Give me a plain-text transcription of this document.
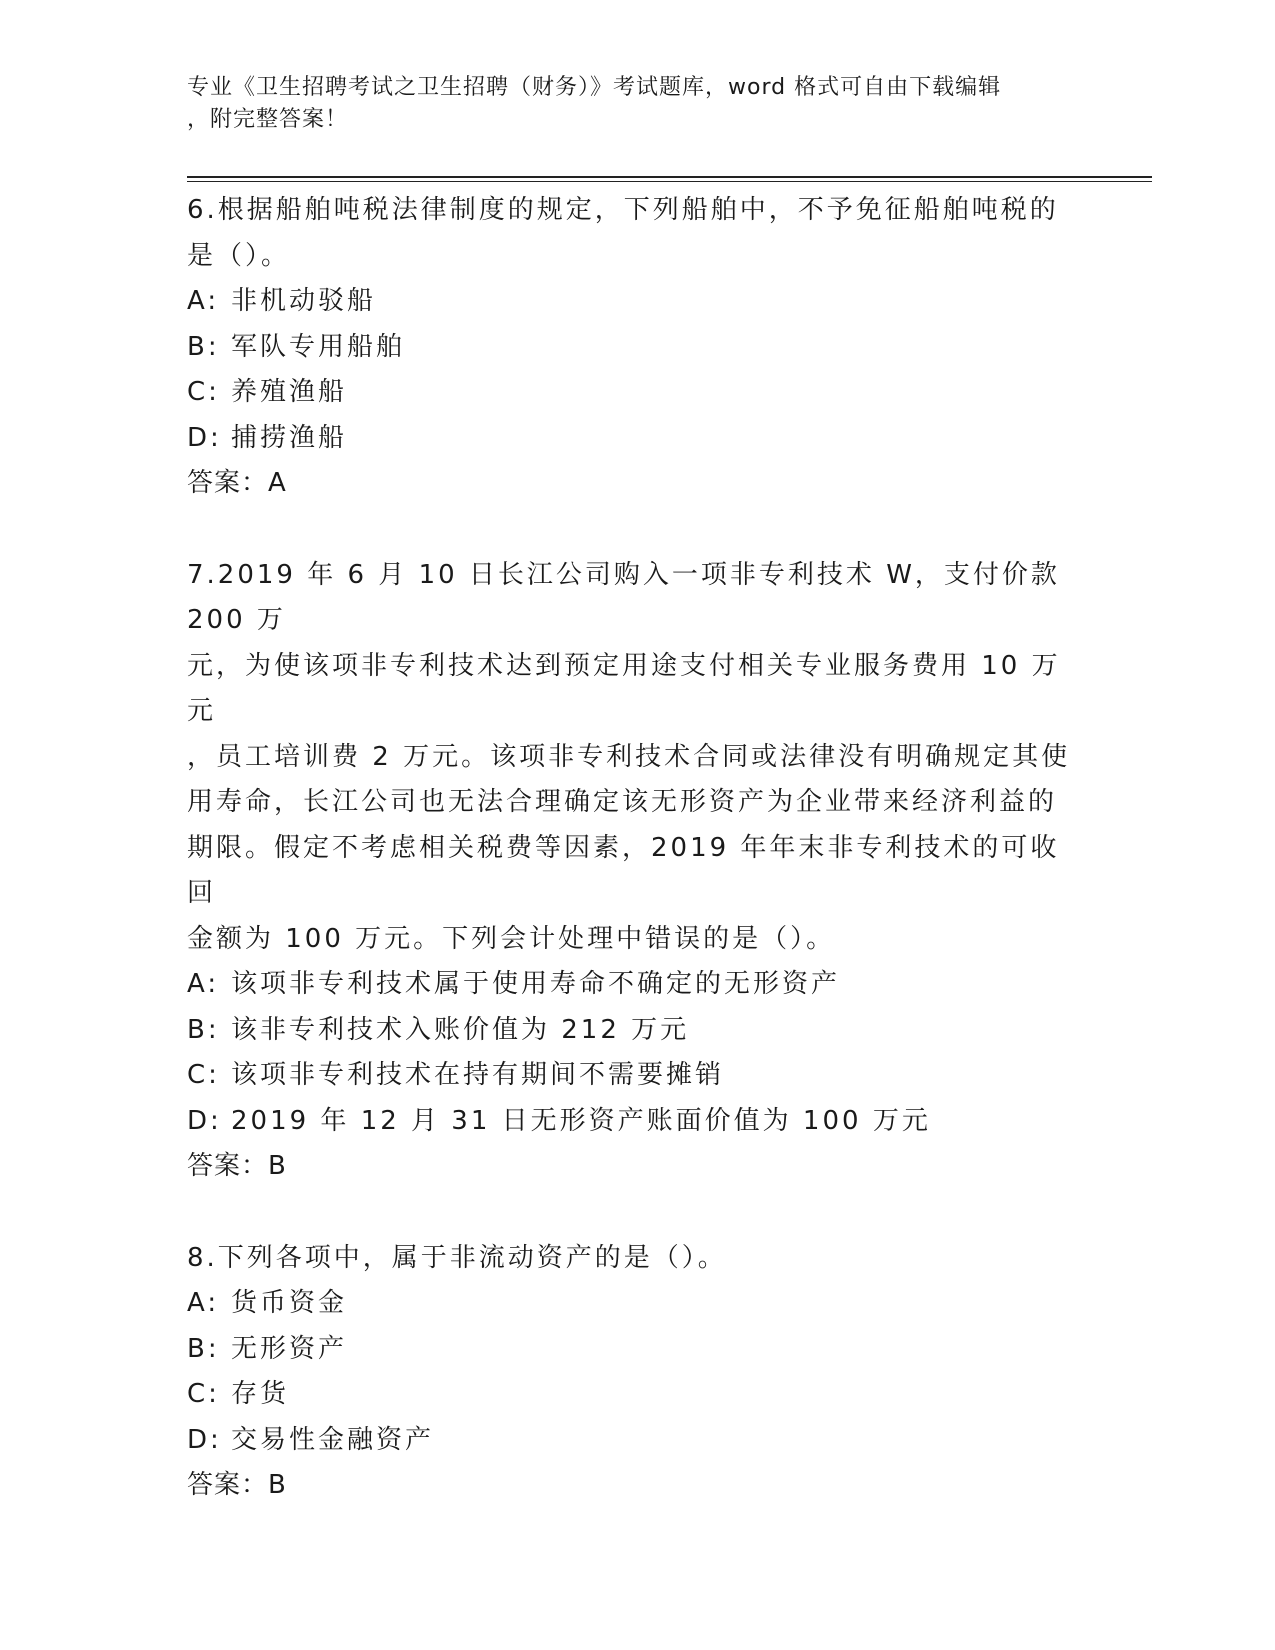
专业《卫生招聘考试之卫生招聘（财务）》考试题库，word 格式可自由下载编辑
，附完整答案！
6.根据船舶吨税法律制度的规定，下列船舶中，不予免征船舶吨税的
是（）。
A: 非机动驳船
B: 军队专用船舶
C: 养殖渔船
D: 捕捞渔船
答案： A
7.2019 年 6 月 10 日长江公司购入一项非专利技术 W，支付价款 200 万
元，为使该项非专利技术达到预定用途支付相关专业服务费用 10 万元
，员工培训费 2 万元。该项非专利技术合同或法律没有明确规定其使
用寿命，长江公司也无法合理确定该无形资产为企业带来经济利益的
期限。假定不考虑相关税费等因素，2019 年年末非专利技术的可收回
金额为 100 万元。下列会计处理中错误的是（）。
A: 该项非专利技术属于使用寿命不确定的无形资产
B: 该非专利技术入账价值为 212 万元
C: 该项非专利技术在持有期间不需要摊销
D: 2019 年 12 月 31 日无形资产账面价值为 100 万元
答案： B
8.下列各项中，属于非流动资产的是（）。
A: 货币资金
B: 无形资产
C: 存货
D: 交易性金融资产
答案： B
